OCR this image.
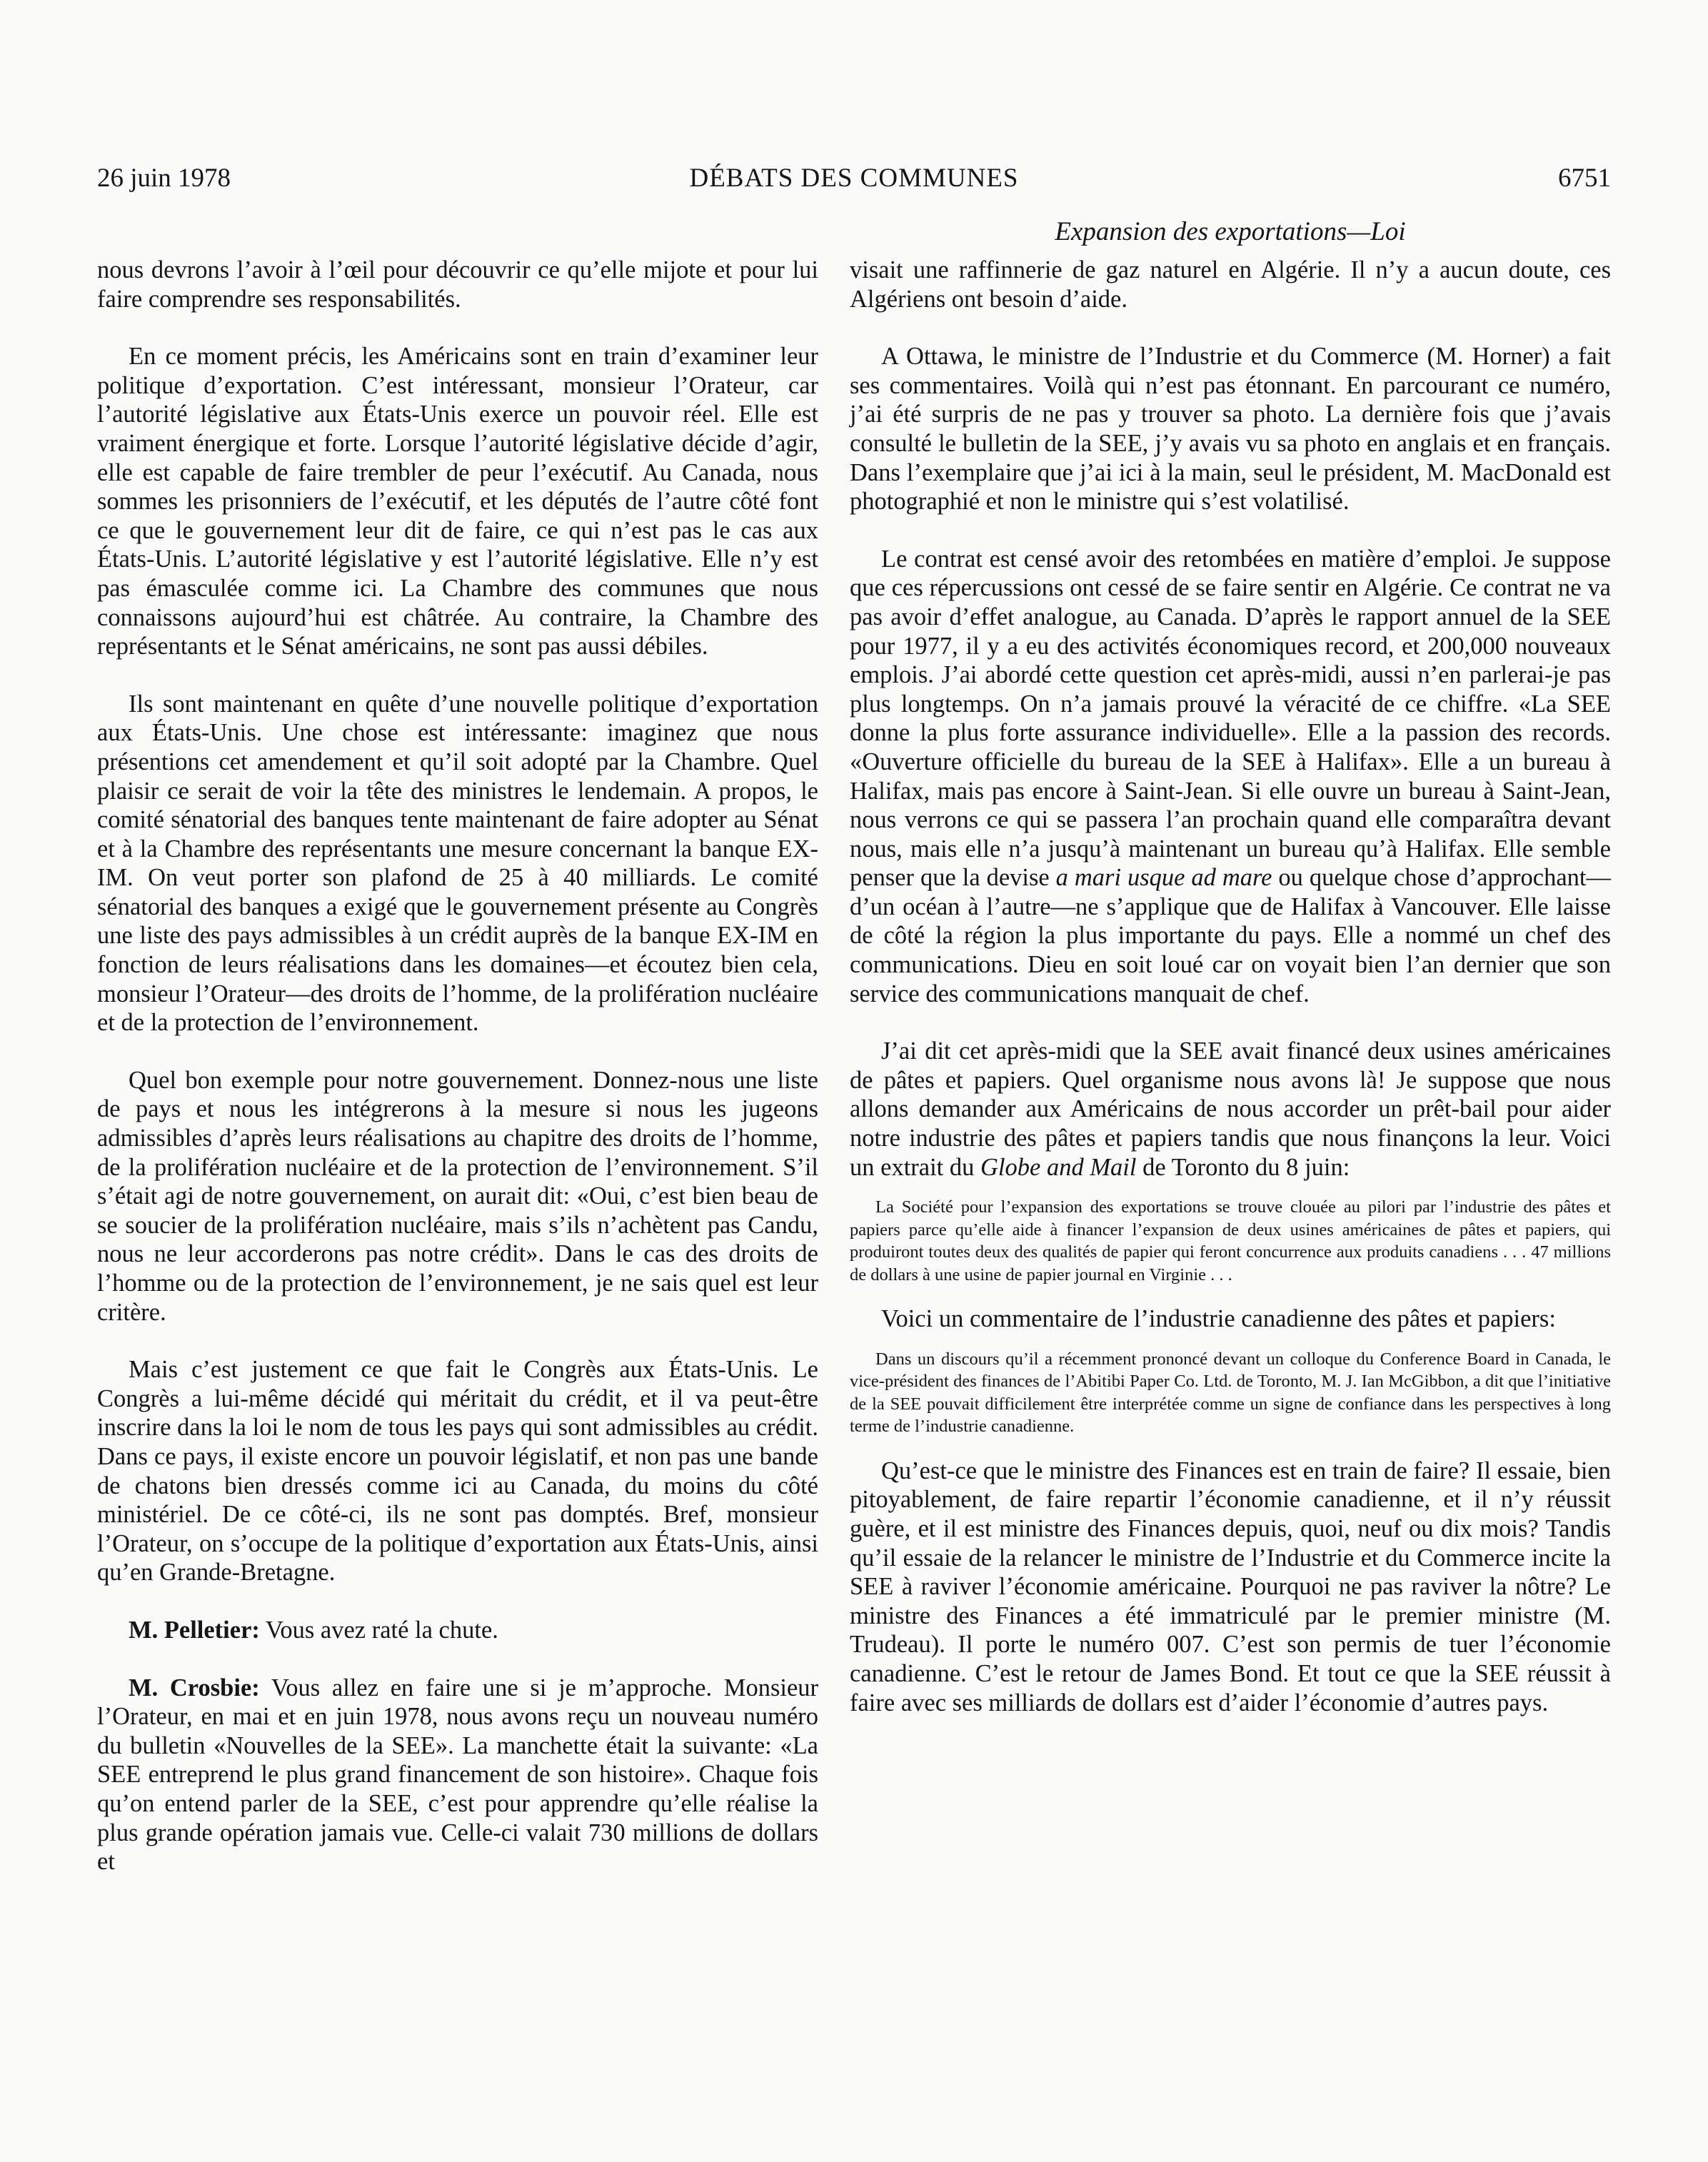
26 juin 1978	DÉBATS DES COMMUNES	6751
Expansion des exportations—Loi

nous devrons l’avoir à l’œil pour découvrir ce qu’elle mijote et pour lui faire comprendre ses responsabilités.

En ce moment précis, les Américains sont en train d’examiner leur politique d’exportation. C’est intéressant, monsieur l’Orateur, car l’autorité législative aux États-Unis exerce un pouvoir réel. Elle est vraiment énergique et forte. Lorsque l’autorité législative décide d’agir, elle est capable de faire trembler de peur l’exécutif. Au Canada, nous sommes les prisonniers de l’exécutif, et les députés de l’autre côté font ce que le gouvernement leur dit de faire, ce qui n’est pas le cas aux États-Unis. L’autorité législative y est l’autorité législative. Elle n’y est pas émasculée comme ici. La Chambre des communes que nous connaissons aujourd’hui est châtrée. Au contraire, la Chambre des représentants et le Sénat américains, ne sont pas aussi débiles.

Ils sont maintenant en quête d’une nouvelle politique d’exportation aux États-Unis. Une chose est intéressante: imaginez que nous présentions cet amendement et qu’il soit adopté par la Chambre. Quel plaisir ce serait de voir la tête des ministres le lendemain. A propos, le comité sénatorial des banques tente maintenant de faire adopter au Sénat et à la Chambre des représentants une mesure concernant la banque EX-IM. On veut porter son plafond de 25 à 40 milliards. Le comité sénatorial des banques a exigé que le gouvernement présente au Congrès une liste des pays admissibles à un crédit auprès de la banque EX-IM en fonction de leurs réalisations dans les domaines—et écoutez bien cela, monsieur l’Orateur—des droits de l’homme, de la prolifération nucléaire et de la protection de l’environnement.

Quel bon exemple pour notre gouvernement. Donnez-nous une liste de pays et nous les intégrerons à la mesure si nous les jugeons admissibles d’après leurs réalisations au chapitre des droits de l’homme, de la prolifération nucléaire et de la protection de l’environnement. S’il s’était agi de notre gouvernement, on aurait dit: «Oui, c’est bien beau de se soucier de la prolifération nucléaire, mais s’ils n’achètent pas Candu, nous ne leur accorderons pas notre crédit». Dans le cas des droits de l’homme ou de la protection de l’environnement, je ne sais quel est leur critère.

Mais c’est justement ce que fait le Congrès aux États-Unis. Le Congrès a lui-même décidé qui méritait du crédit, et il va peut-être inscrire dans la loi le nom de tous les pays qui sont admissibles au crédit. Dans ce pays, il existe encore un pouvoir législatif, et non pas une bande de chatons bien dressés comme ici au Canada, du moins du côté ministériel. De ce côté-ci, ils ne sont pas domptés. Bref, monsieur l’Orateur, on s’occupe de la politique d’exportation aux États-Unis, ainsi qu’en Grande-Bretagne.

M. Pelletier: Vous avez raté la chute.

M. Crosbie: Vous allez en faire une si je m’approche. Monsieur l’Orateur, en mai et en juin 1978, nous avons reçu un nouveau numéro du bulletin «Nouvelles de la SEE». La manchette était la suivante: «La SEE entreprend le plus grand financement de son histoire». Chaque fois qu’on entend parler de la SEE, c’est pour apprendre qu’elle réalise la plus grande opération jamais vue. Celle-ci valait 730 millions de dollars et

visait une raffinnerie de gaz naturel en Algérie. Il n’y a aucun doute, ces Algériens ont besoin d’aide.

A Ottawa, le ministre de l’Industrie et du Commerce (M. Horner) a fait ses commentaires. Voilà qui n’est pas étonnant. En parcourant ce numéro, j’ai été surpris de ne pas y trouver sa photo. La dernière fois que j’avais consulté le bulletin de la SEE, j’y avais vu sa photo en anglais et en français. Dans l’exemplaire que j’ai ici à la main, seul le président, M. MacDonald est photographié et non le ministre qui s’est volatilisé.

Le contrat est censé avoir des retombées en matière d’emploi. Je suppose que ces répercussions ont cessé de se faire sentir en Algérie. Ce contrat ne va pas avoir d’effet analogue, au Canada. D’après le rapport annuel de la SEE pour 1977, il y a eu des activités économiques record, et 200,000 nouveaux emplois. J’ai abordé cette question cet après-midi, aussi n’en parlerai-je pas plus longtemps. On n’a jamais prouvé la véracité de ce chiffre. «La SEE donne la plus forte assurance individuelle». Elle a la passion des records. «Ouverture officielle du bureau de la SEE à Halifax». Elle a un bureau à Halifax, mais pas encore à Saint-Jean. Si elle ouvre un bureau à Saint-Jean, nous verrons ce qui se passera l’an prochain quand elle comparaîtra devant nous, mais elle n’a jusqu’à maintenant un bureau qu’à Halifax. Elle semble penser que la devise a mari usque ad mare ou quelque chose d’approchant—d’un océan à l’autre—ne s’applique que de Halifax à Vancouver. Elle laisse de côté la région la plus importante du pays. Elle a nommé un chef des communications. Dieu en soit loué car on voyait bien l’an dernier que son service des communications manquait de chef.

J’ai dit cet après-midi que la SEE avait financé deux usines américaines de pâtes et papiers. Quel organisme nous avons là! Je suppose que nous allons demander aux Américains de nous accorder un prêt-bail pour aider notre industrie des pâtes et papiers tandis que nous finançons la leur. Voici un extrait du Globe and Mail de Toronto du 8 juin:

La Société pour l’expansion des exportations se trouve clouée au pilori par l’industrie des pâtes et papiers parce qu’elle aide à financer l’expansion de deux usines américaines de pâtes et papiers, qui produiront toutes deux des qualités de papier qui feront concurrence aux produits canadiens . . . 47 millions de dollars à une usine de papier journal en Virginie . . .

Voici un commentaire de l’industrie canadienne des pâtes et papiers:

Dans un discours qu’il a récemment prononcé devant un colloque du Conference Board in Canada, le vice-président des finances de l’Abitibi Paper Co. Ltd. de Toronto, M. J. Ian McGibbon, a dit que l’initiative de la SEE pouvait difficilement être interprétée comme un signe de confiance dans les perspectives à long terme de l’industrie canadienne.

Qu’est-ce que le ministre des Finances est en train de faire? Il essaie, bien pitoyablement, de faire repartir l’économie canadienne, et il n’y réussit guère, et il est ministre des Finances depuis, quoi, neuf ou dix mois? Tandis qu’il essaie de la relancer le ministre de l’Industrie et du Commerce incite la SEE à raviver l’économie américaine. Pourquoi ne pas raviver la nôtre? Le ministre des Finances a été immatriculé par le premier ministre (M. Trudeau). Il porte le numéro 007. C’est son permis de tuer l’économie canadienne. C’est le retour de James Bond. Et tout ce que la SEE réussit à faire avec ses milliards de dollars est d’aider l’économie d’autres pays.
